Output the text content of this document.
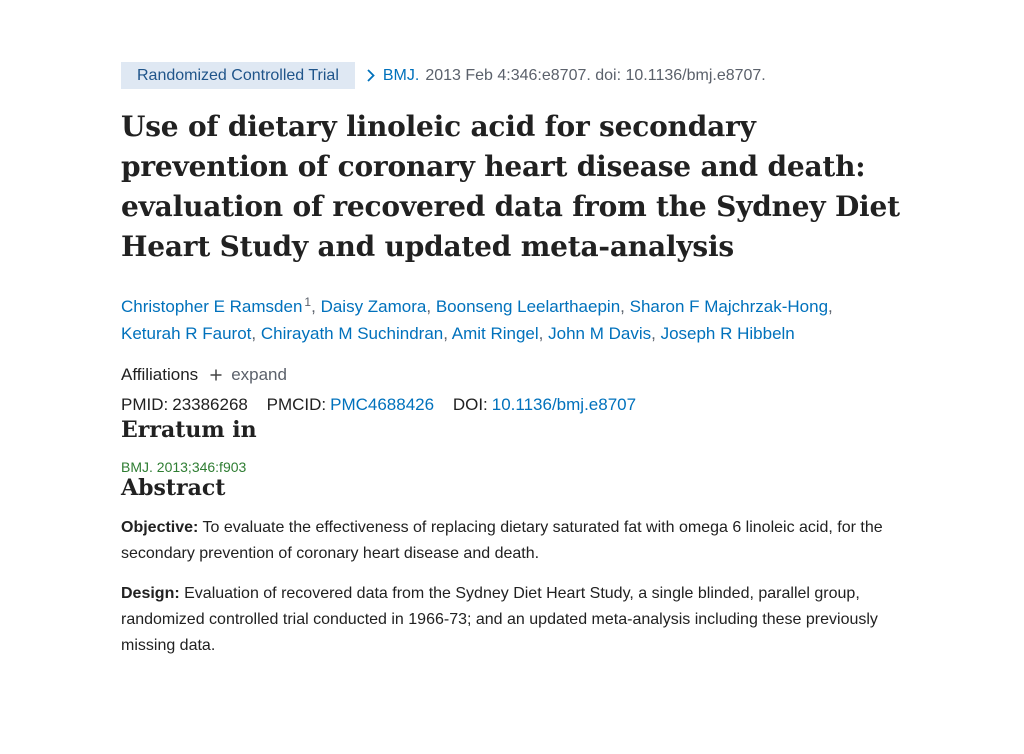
Randomized Controlled Trial	BMJ. 2013 Feb 4:346:e8707. doi: 10.1136/bmj.e8707.
Use of dietary linoleic acid for secondary prevention of coronary heart disease and death: evaluation of recovered data from the Sydney Diet Heart Study and updated meta-analysis
Christopher E Ramsden $^1$, Daisy Zamora, Boonseng Leelarthaepin, Sharon F Majchrzak-Hong,
Keturah R Faurot, Chirayath M Suchindran, Amit Ringel, John M Davis, Joseph R Hibbeln
Affiliations expand
PMID: 23386268 PMCID: PMC4688426 DOI: 10.1136/bmj.e8707
Erratum in
BMJ. 2013;346:f903
Abstract

Objective: To evaluate the effectiveness of replacing dietary saturated fat with omega 6 linoleic acid, for the secondary prevention of coronary heart disease and death.

Design: Evaluation of recovered data from the Sydney Diet Heart Study, a single blinded, parallel group, randomized controlled trial conducted in 1966-73; and an updated meta-analysis including these previously missing data.
